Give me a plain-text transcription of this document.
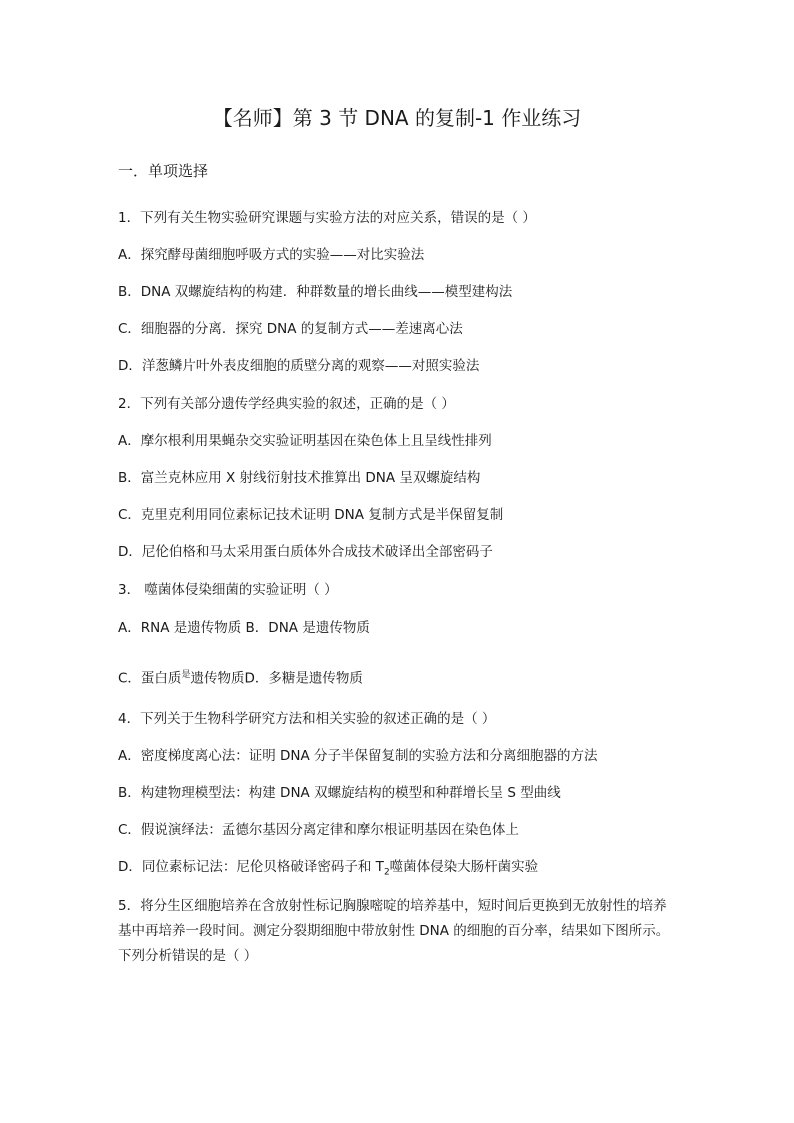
【名师】第 3 节 DNA 的复制-1 作业练习
一．单项选择
1．下列有关生物实验研究课题与实验方法的对应关系，错误的是（ ）
A．探究酵母菌细胞呼吸方式的实验——对比实验法
B．DNA 双螺旋结构的构建．种群数量的增长曲线——模型建构法
C．细胞器的分离．探究 DNA 的复制方式——差速离心法
D．洋葱鳞片叶外表皮细胞的质壁分离的观察——对照实验法
2．下列有关部分遗传学经典实验的叙述，正确的是（ ）
A．摩尔根利用果蝇杂交实验证明基因在染色体上且呈线性排列
B．富兰克林应用 X 射线衍射技术推算出 DNA 呈双螺旋结构
C．克里克利用同位素标记技术证明 DNA 复制方式是半保留复制
D．尼伦伯格和马太采用蛋白质体外合成技术破译出全部密码子
3． 噬菌体侵染细菌的实验证明（ ）
A．RNA 是遗传物质 B．DNA 是遗传物质
C．蛋白质$^是$遗传物质D．多糖是遗传物质
4．下列关于生物科学研究方法和相关实验的叙述正确的是（ ）
A．密度梯度离心法：证明 DNA 分子半保留复制的实验方法和分离细胞器的方法
B．构建物理模型法：构建 DNA 双螺旋结构的模型和种群增长呈 S 型曲线
C．假说演绎法：孟德尔基因分离定律和摩尔根证明基因在染色体上
D．同位素标记法：尼伦贝格破译密码子和 $T_2$噬菌体侵染大肠杆菌实验
5．将分生区细胞培养在含放射性标记胸腺嘧啶的培养基中，短时间后更换到无放射性的培养基中再培养一段时间。测定分裂期细胞中带放射性 DNA 的细胞的百分率，结果如下图所示。下列分析错误的是（ ）
